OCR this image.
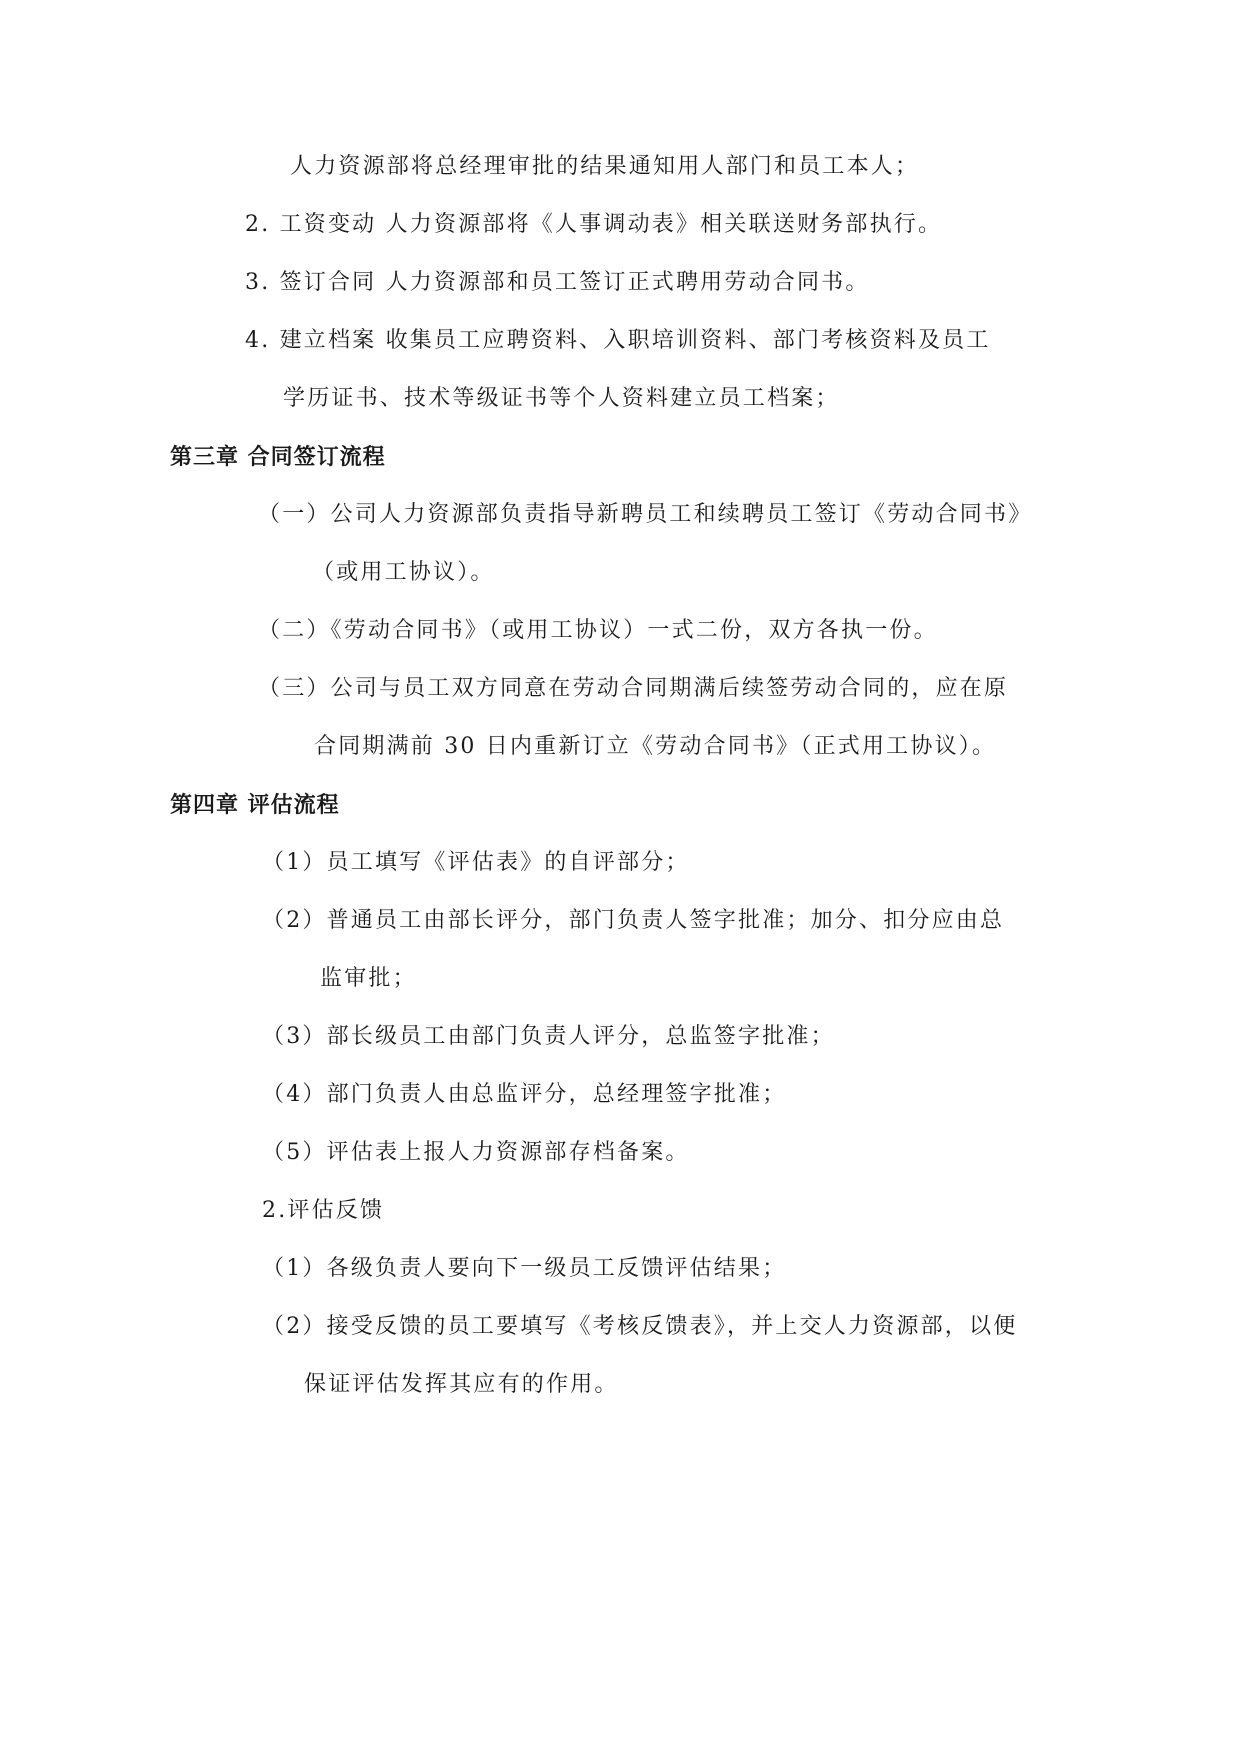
人力资源部将总经理审批的结果通知用人部门和员工本人；
2. 工资变动 人力资源部将《人事调动表》相关联送财务部执行。
3. 签订合同 人力资源部和员工签订正式聘用劳动合同书。
4. 建立档案 收集员工应聘资料、入职培训资料、部门考核资料及员工
学历证书、技术等级证书等个人资料建立员工档案；
第三章 合同签订流程
（一）公司人力资源部负责指导新聘员工和续聘员工签订《劳动合同书》
（或用工协议）。
（二）《劳动合同书》（或用工协议）一式二份，双方各执一份。
（三）公司与员工双方同意在劳动合同期满后续签劳动合同的，应在原
合同期满前 30 日内重新订立《劳动合同书》（正式用工协议）。
第四章 评估流程
（1）员工填写《评估表》的自评部分；
（2）普通员工由部长评分，部门负责人签字批准；加分、扣分应由总
监审批；
（3）部长级员工由部门负责人评分，总监签字批准；
（4）部门负责人由总监评分，总经理签字批准；
（5）评估表上报人力资源部存档备案。
2.评估反馈
（1）各级负责人要向下一级员工反馈评估结果；
（2）接受反馈的员工要填写《考核反馈表》，并上交人力资源部，以便
保证评估发挥其应有的作用。
